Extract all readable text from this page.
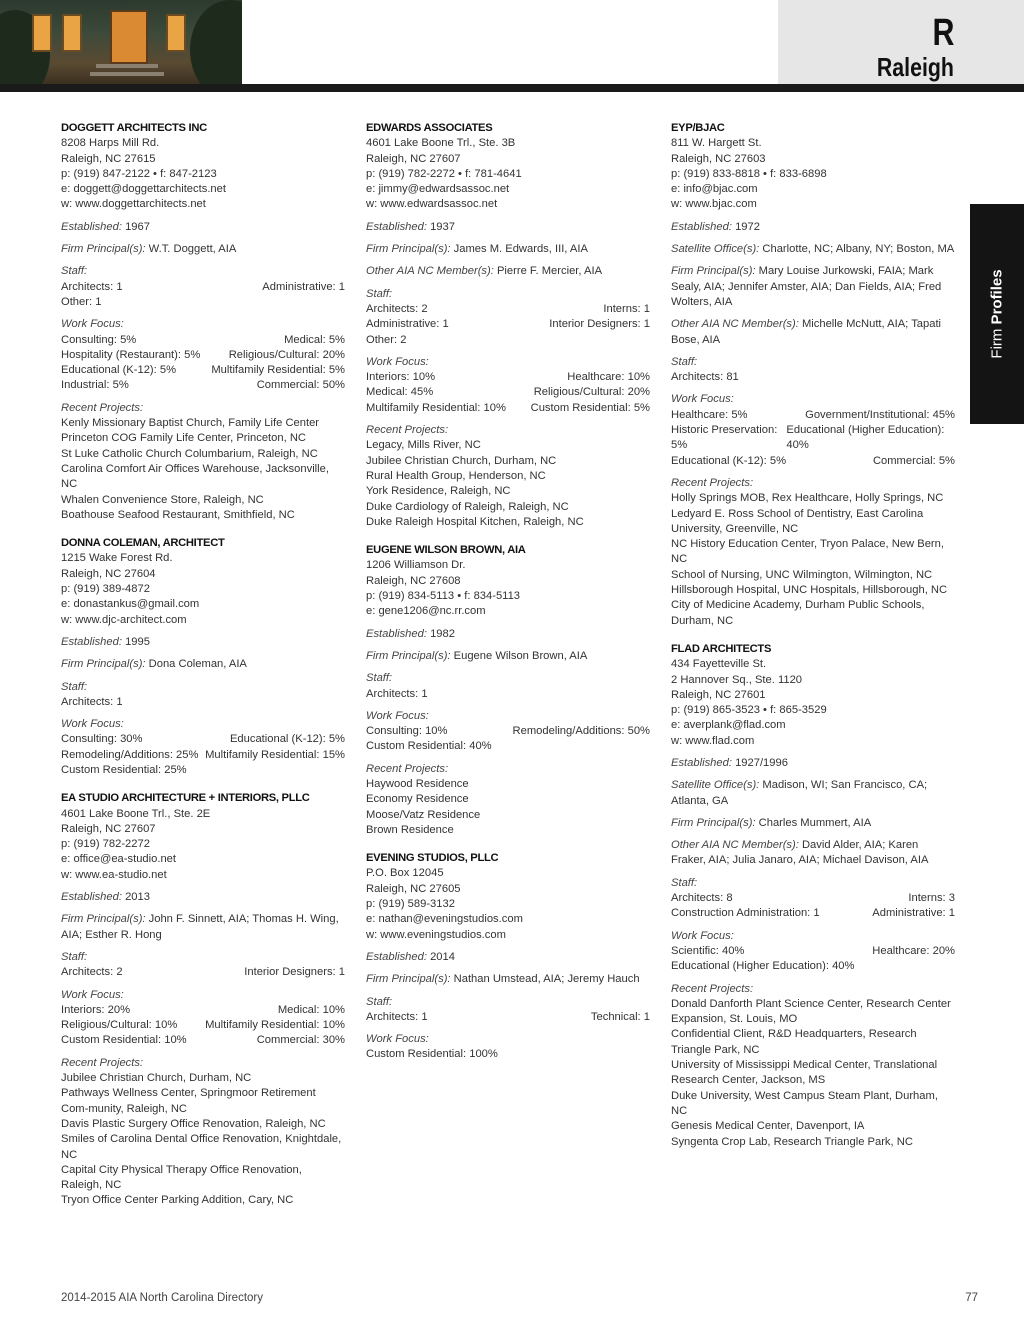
R
Raleigh
Firm Profiles
DOGGETT ARCHITECTS INC
8208 Harps Mill Rd.
Raleigh, NC 27615
p: (919) 847-2122 • f: 847-2123
e: doggett@doggettarchitects.net
w: www.doggettarchitects.net
Established: 1967
Firm Principal(s): W.T. Doggett, AIA
Staff:
Architects: 1	Administrative: 1
Other: 1
Work Focus:
Consulting: 5%	Medical: 5%
Hospitality (Restaurant): 5%	Religious/Cultural: 20%
Educational (K-12): 5%	Multifamily Residential: 5%
Industrial: 5%	Commercial: 50%
Recent Projects:
Kenly Missionary Baptist Church, Family Life Center
Princeton COG Family Life Center, Princeton, NC
St Luke Catholic Church Columbarium, Raleigh, NC
Carolina Comfort Air Offices Warehouse, Jacksonville, NC
Whalen Convenience Store, Raleigh, NC
Boathouse Seafood Restaurant, Smithfield, NC
DONNA COLEMAN, ARCHITECT
1215 Wake Forest Rd.
Raleigh, NC 27604
p: (919) 389-4872
e: donastankus@gmail.com
w: www.djc-architect.com
Established: 1995
Firm Principal(s): Dona Coleman, AIA
Staff:
Architects: 1
Work Focus:
Consulting: 30%	Educational (K-12): 5%
Remodeling/Additions: 25% Multifamily Residential: 15%
Custom Residential: 25%
EA STUDIO ARCHITECTURE + INTERIORS, PLLC
4601 Lake Boone Trl., Ste. 2E
Raleigh, NC 27607
p: (919) 782-2272
e: office@ea-studio.net
w: www.ea-studio.net
Established: 2013
Firm Principal(s): John F. Sinnett, AIA; Thomas H. Wing, AIA; Esther R. Hong
Staff:
Architects: 2	Interior Designers: 1
Work Focus:
Interiors: 20%	Medical: 10%
Religious/Cultural: 10% Multifamily Residential: 10%
Custom Residential: 10%	Commercial: 30%
Recent Projects:
Jubilee Christian Church, Durham, NC
Pathways Wellness Center, Springmoor Retirement Com-munity, Raleigh, NC
Davis Plastic Surgery Office Renovation, Raleigh, NC
Smiles of Carolina Dental Office Renovation, Knightdale, NC
Capital City Physical Therapy Office Renovation, Raleigh, NC
Tryon Office Center Parking Addition, Cary, NC
EDWARDS ASSOCIATES
4601 Lake Boone Trl., Ste. 3B
Raleigh, NC 27607
p: (919) 782-2272 • f: 781-4641
e: jimmy@edwardsassoc.net
w: www.edwardsassoc.net
Established: 1937
Firm Principal(s): James M. Edwards, III, AIA
Other AIA NC Member(s): Pierre F. Mercier, AIA
Staff:
Architects: 2	Interns: 1
Administrative: 1	Interior Designers: 1
Other: 2
Work Focus:
Interiors: 10%	Healthcare: 10%
Medical: 45%	Religious/Cultural: 20%
Multifamily Residential: 10% Custom Residential: 5%
Recent Projects:
Legacy, Mills River, NC
Jubilee Christian Church, Durham, NC
Rural Health Group, Henderson, NC
York Residence, Raleigh, NC
Duke Cardiology of Raleigh, Raleigh, NC
Duke Raleigh Hospital Kitchen, Raleigh, NC
EUGENE WILSON BROWN, AIA
1206 Williamson Dr.
Raleigh, NC 27608
p: (919) 834-5113 • f: 834-5113
e: gene1206@nc.rr.com
Established: 1982
Firm Principal(s): Eugene Wilson Brown, AIA
Staff:
Architects: 1
Work Focus:
Consulting: 10%	Remodeling/Additions: 50%
Custom Residential: 40%
Recent Projects:
Haywood Residence
Economy Residence
Moose/Vatz Residence
Brown Residence
EVENING STUDIOS, PLLC
P.O. Box 12045
Raleigh, NC 27605
p: (919) 589-3132
e: nathan@eveningstudios.com
w: www.eveningstudios.com
Established: 2014
Firm Principal(s): Nathan Umstead, AIA; Jeremy Hauch
Staff:
Architects: 1	Technical: 1
Work Focus:
Custom Residential: 100%
EYP/BJAC
811 W. Hargett St.
Raleigh, NC 27603
p: (919) 833-8818 • f: 833-6898
e: info@bjac.com
w: www.bjac.com
Established: 1972
Satellite Office(s): Charlotte, NC; Albany, NY; Boston, MA
Firm Principal(s): Mary Louise Jurkowski, FAIA; Mark Sealy, AIA; Jennifer Amster, AIA; Dan Fields, AIA; Fred Wolters, AIA
Other AIA NC Member(s): Michelle McNutt, AIA; Tapati Bose, AIA
Staff:
Architects: 81
Work Focus:
Healthcare: 5%	Government/Institutional: 45%
Historic Preservation: 5%
Educational (Higher Education): 40%
Educational (K-12): 5%	Commercial: 5%
Recent Projects:
Holly Springs MOB, Rex Healthcare, Holly Springs, NC
Ledyard E. Ross School of Dentistry, East Carolina University, Greenville, NC
NC History Education Center, Tryon Palace, New Bern, NC
School of Nursing, UNC Wilmington, Wilmington, NC
Hillsborough Hospital, UNC Hospitals, Hillsborough, NC
City of Medicine Academy, Durham Public Schools, Durham, NC
FLAD ARCHITECTS
434 Fayetteville St.
2 Hannover Sq., Ste. 1120
Raleigh, NC 27601
p: (919) 865-3523 • f: 865-3529
e: averplank@flad.com
w: www.flad.com
Established: 1927/1996
Satellite Office(s): Madison, WI; San Francisco, CA; Atlanta, GA
Firm Principal(s): Charles Mummert, AIA
Other AIA NC Member(s): David Alder, AIA; Karen Fraker, AIA; Julia Janaro, AIA; Michael Davison, AIA
Staff:
Architects: 8	Interns: 3
Construction Administration: 1	Administrative: 1
Work Focus:
Scientific: 40%	Healthcare: 20%
Educational (Higher Education): 40%
Recent Projects:
Donald Danforth Plant Science Center, Research Center Expansion, St. Louis, MO
Confidential Client, R&D Headquarters, Research Triangle Park, NC
University of Mississippi Medical Center, Translational Research Center, Jackson, MS
Duke University, West Campus Steam Plant, Durham, NC
Genesis Medical Center, Davenport, IA
Syngenta Crop Lab, Research Triangle Park, NC
2014-2015 AIA North Carolina Directory	77
